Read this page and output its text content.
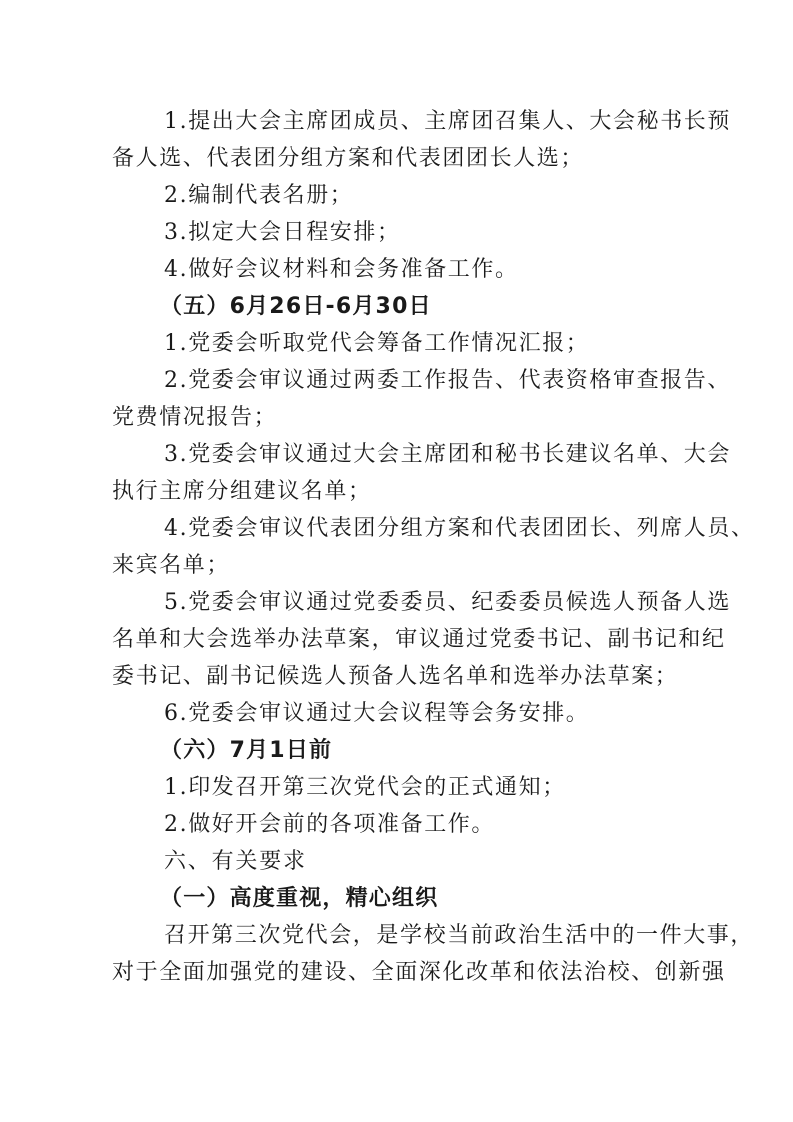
1.提出大会主席团成员、主席团召集人、大会秘书长预
备人选、代表团分组方案和代表团团长人选；
2.编制代表名册；
3.拟定大会日程安排；
4.做好会议材料和会务准备工作。
（五）6月26日-6月30日
1.党委会听取党代会筹备工作情况汇报；
2.党委会审议通过两委工作报告、代表资格审查报告、
党费情况报告；
3.党委会审议通过大会主席团和秘书长建议名单、大会
执行主席分组建议名单；
4.党委会审议代表团分组方案和代表团团长、列席人员、
来宾名单；
5.党委会审议通过党委委员、纪委委员候选人预备人选
名单和大会选举办法草案，审议通过党委书记、副书记和纪
委书记、副书记候选人预备人选名单和选举办法草案；
6.党委会审议通过大会议程等会务安排。
（六）7月1日前
1.印发召开第三次党代会的正式通知；
2.做好开会前的各项准备工作。
六、有关要求
（一）高度重视，精心组织
召开第三次党代会，是学校当前政治生活中的一件大事，
对于全面加强党的建设、全面深化改革和依法治校、创新强
